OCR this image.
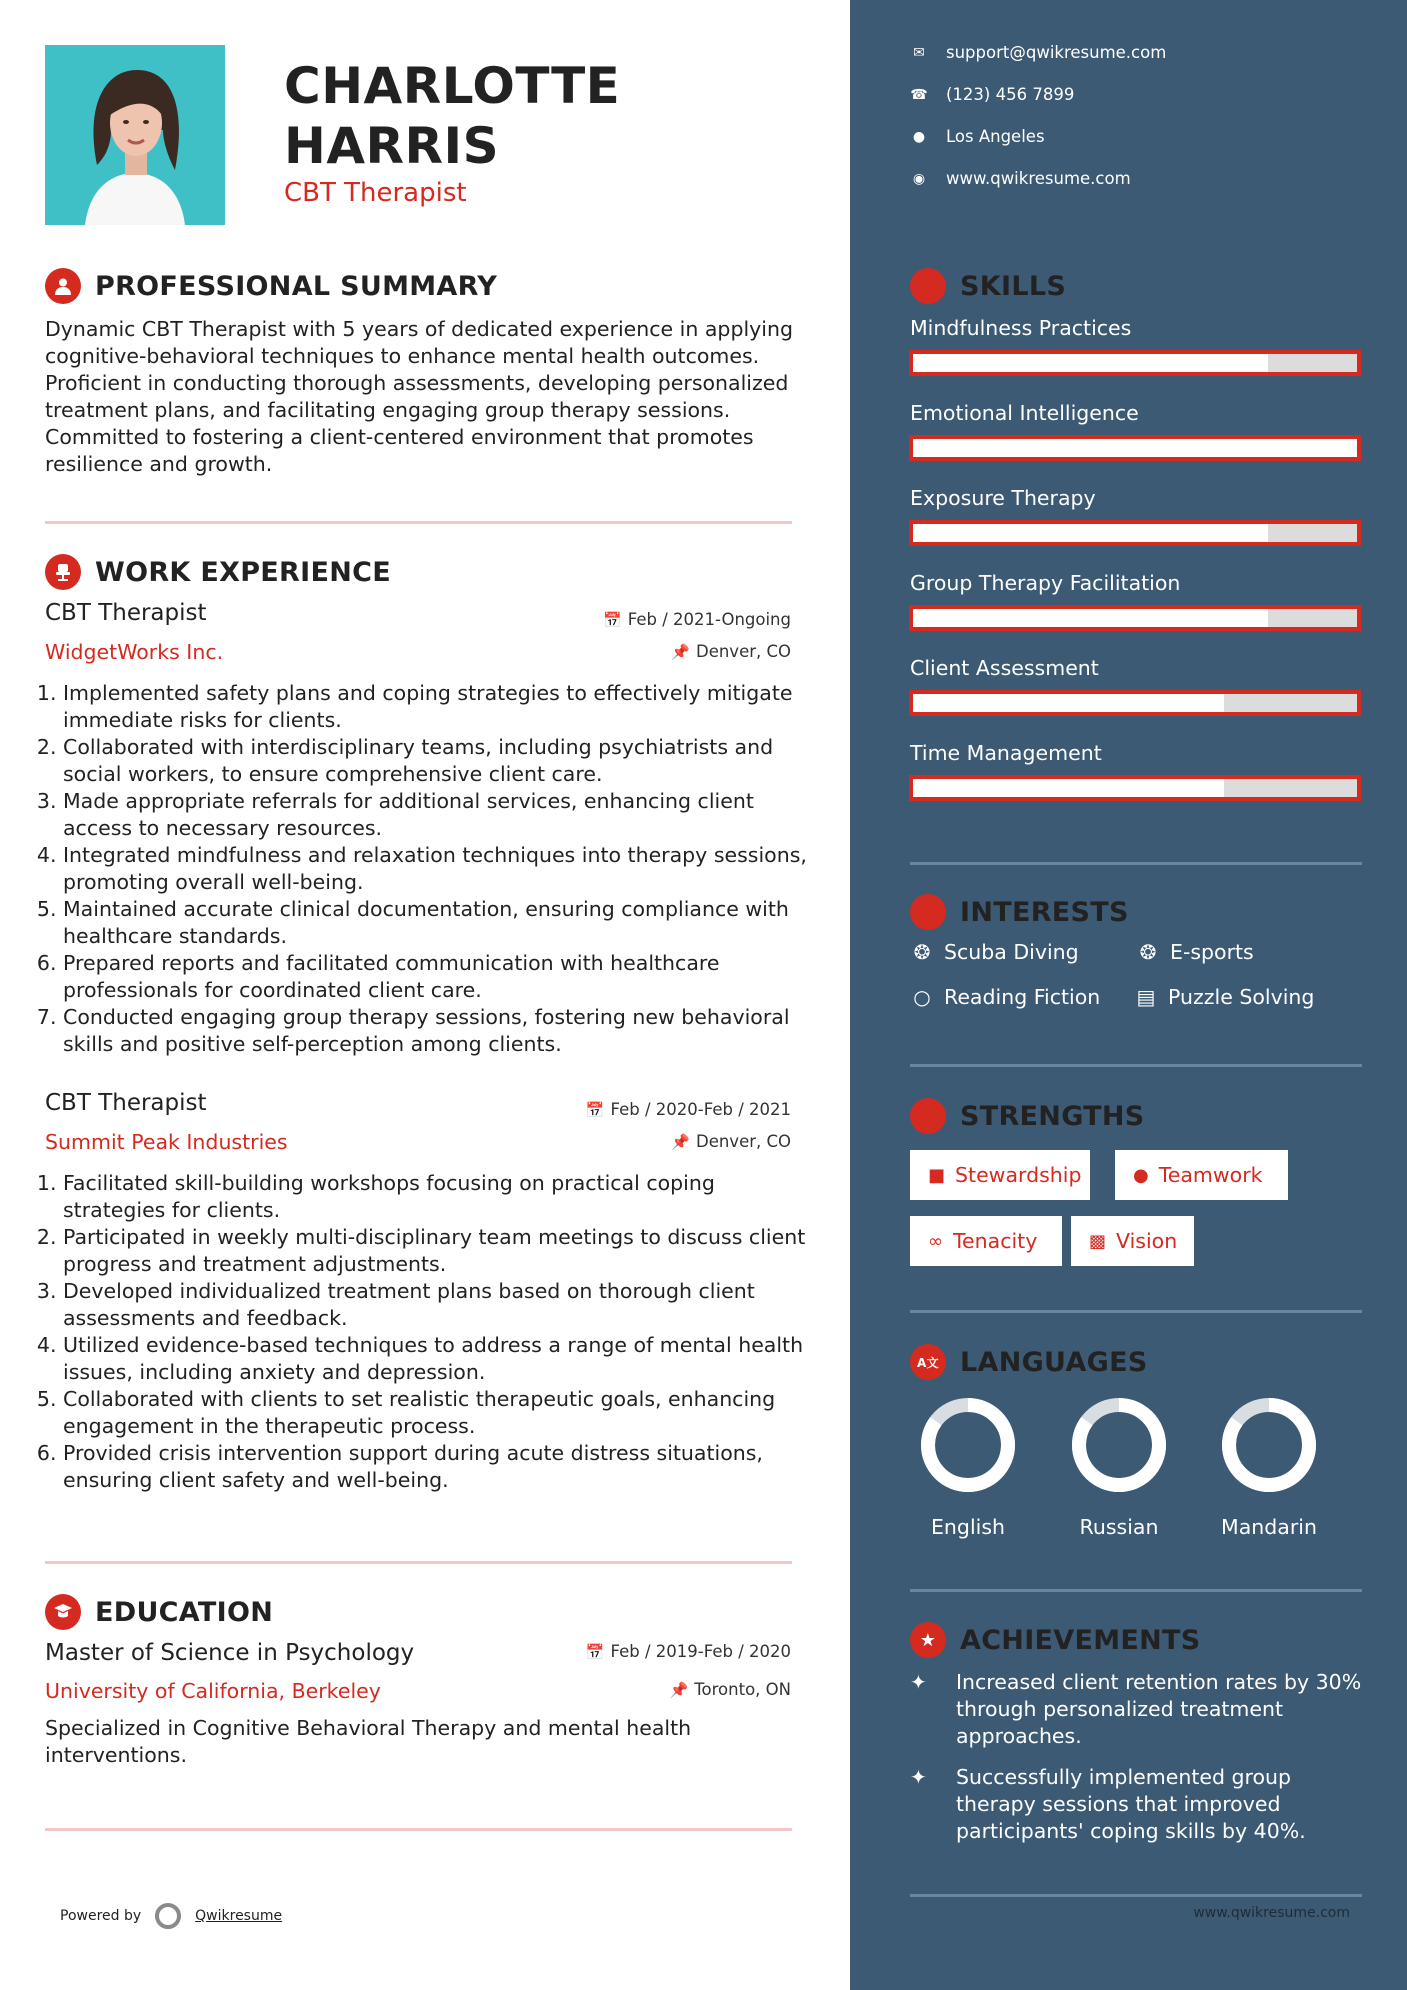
CHARLOTTE
HARRIS
CBT Therapist
PROFESSIONAL SUMMARY

Dynamic CBT Therapist with 5 years of dedicated experience in applying cognitive-behavioral techniques to enhance mental health outcomes. Proficient in conducting thorough assessments, developing personalized treatment plans, and facilitating engaging group therapy sessions. Committed to fostering a client-centered environment that promotes resilience and growth.

WORK EXPERIENCE
CBT Therapist	📅 Feb / 2021-Ongoing
WidgetWorks Inc.	📌 Denver, CO
1. Implemented safety plans and coping strategies to effectively mitigate immediate risks for clients.
2. Collaborated with interdisciplinary teams, including psychiatrists and social workers, to ensure comprehensive client care.
3. Made appropriate referrals for additional services, enhancing client access to necessary resources.
4. Integrated mindfulness and relaxation techniques into therapy sessions, promoting overall well-being.
5. Maintained accurate clinical documentation, ensuring compliance with healthcare standards.
6. Prepared reports and facilitated communication with healthcare professionals for coordinated client care.
7. Conducted engaging group therapy sessions, fostering new behavioral skills and positive self-perception among clients.
CBT Therapist	📅 Feb / 2020-Feb / 2021
Summit Peak Industries	📌 Denver, CO
1. Facilitated skill-building workshops focusing on practical coping strategies for clients.
2. Participated in weekly multi-disciplinary team meetings to discuss client progress and treatment adjustments.
3. Developed individualized treatment plans based on thorough client assessments and feedback.
4. Utilized evidence-based techniques to address a range of mental health issues, including anxiety and depression.
5. Collaborated with clients to set realistic therapeutic goals, enhancing engagement in the therapeutic process.
6. Provided crisis intervention support during acute distress situations, ensuring client safety and well-being.
EDUCATION
Master of Science in Psychology	📅 Feb / 2019-Feb / 2020
University of California, Berkeley	📌 Toronto, ON

Specialized in Cognitive Behavioral Therapy and mental health interventions.

Powered by	Qwikresume
✉ support@qwikresume.com
☎ (123) 456 7899
● Los Angeles
◉ www.qwikresume.com
SKILLS
Mindfulness Practices
Emotional Intelligence
Exposure Therapy
Group Therapy Facilitation
Client Assessment
Time Management
INTERESTS
❂ Scuba Diving	❂ E-sports
○ Reading Fiction ▤ Puzzle Solving
STRENGTHS
■ Stewardship	● Teamwork
∞ Tenacity	▩ Vision
A文 LANGUAGES
English	Russian	Mandarin
★ ACHIEVEMENTS
✦	Increased client retention rates by 30% through personalized treatment approaches.
✦	Successfully implemented group therapy sessions that improved participants' coping skills by 40%.
www.qwikresume.com
